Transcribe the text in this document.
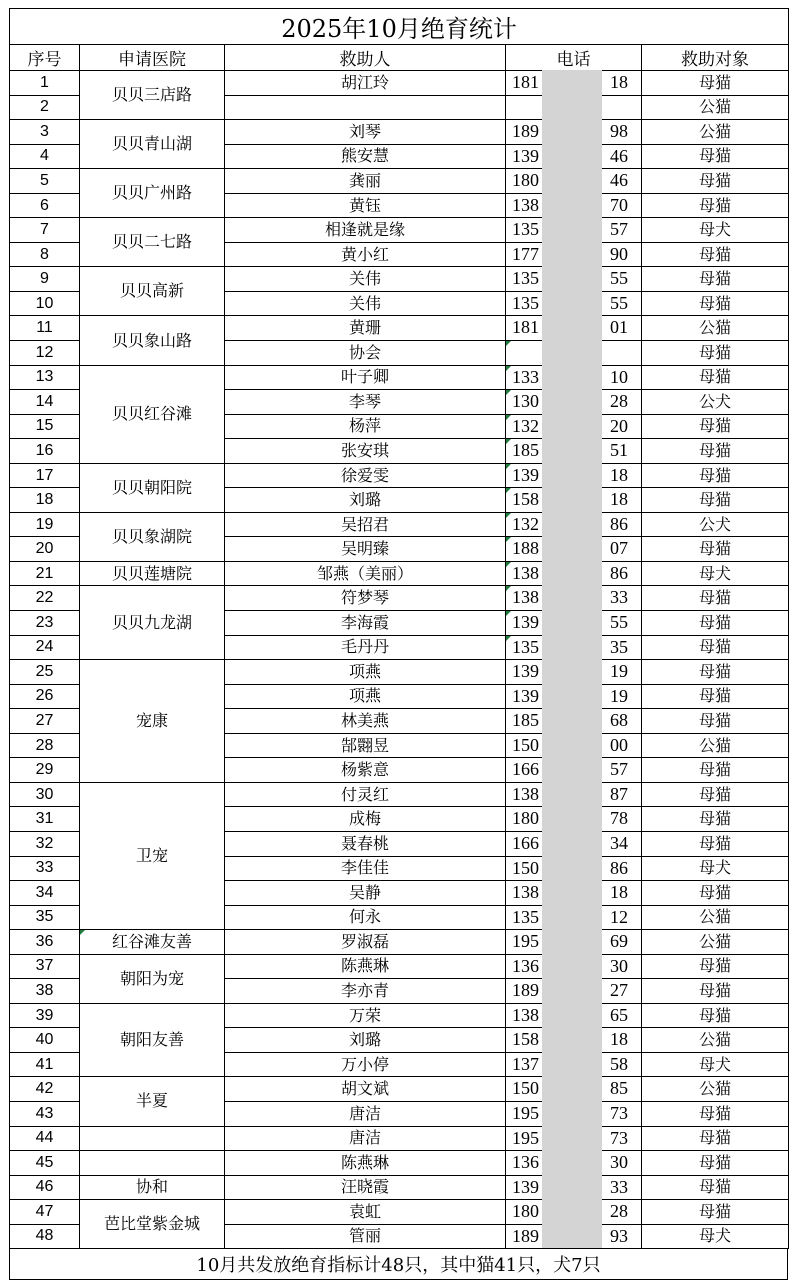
2025年10月绝育统计				
序号	申请医院	救助人	电话	救助对象
1	贝贝三店路	胡江玲	181 18	母猫
2				公猫
3	贝贝青山湖	刘琴	189 98	公猫
4		熊安慧	139 46	母猫
5	贝贝广州路	龚丽	180 46	母猫
6		黄钰	138 70	母猫
7	贝贝二七路	相逢就是缘	135 57	母犬
8		黄小红	177 90	母猫
9	贝贝高新	关伟	135 55	母猫
10		关伟	135 55	母猫
11	贝贝象山路	黄珊	181 01	公猫
12		协会		母猫
13	贝贝红谷滩	叶子卿	133 10	母猫
14		李琴	130 28	公犬
15		杨萍	132 20	母猫
16		张安琪	185 51	母猫
17	贝贝朝阳院	徐爱雯	139 18	母猫
18		刘璐	158 18	母猫
19	贝贝象湖院	吴招君	132 86	公犬
20		吴明臻	188 07	母猫
21	贝贝莲塘院	邹燕（美丽）	138 86	母犬
22	贝贝九龙湖	符梦琴	138 33	母猫
23		李海霞	139 55	母猫
24		毛丹丹	135 35	母猫
25	宠康	项燕	139 19	母猫
26		项燕	139 19	母猫
27		林美燕	185 68	母猫
28		郜翾昱	150 00	公猫
29		杨紫意	166 57	母猫
30	卫宠	付灵红	138 87	母猫
31		成梅	180 78	母猫
32		聂春桃	166 34	母猫
33		李佳佳	150 86	母犬
34		吴静	138 18	母猫
35		何永	135 12	公猫
36	红谷滩友善	罗淑磊	195 69	公猫
37	朝阳为宠	陈燕琳	136 30	母猫
38		李亦青	189 27	母猫
39	朝阳友善	万荣	138 65	母猫
40		刘璐	158 18	公猫
41		万小停	137 58	母犬
42	半夏	胡文斌	150 85	公猫
43		唐洁	195 73	母猫
44		唐洁	195 73	母猫
45		陈燕琳	136 30	母猫
46	协和	汪晓霞	139 33	母猫
47	芭比堂紫金城	袁虹	180 28	母猫
48		管丽	189 93	母犬
10月共发放绝育指标计48只，其中猫41只，犬7只
